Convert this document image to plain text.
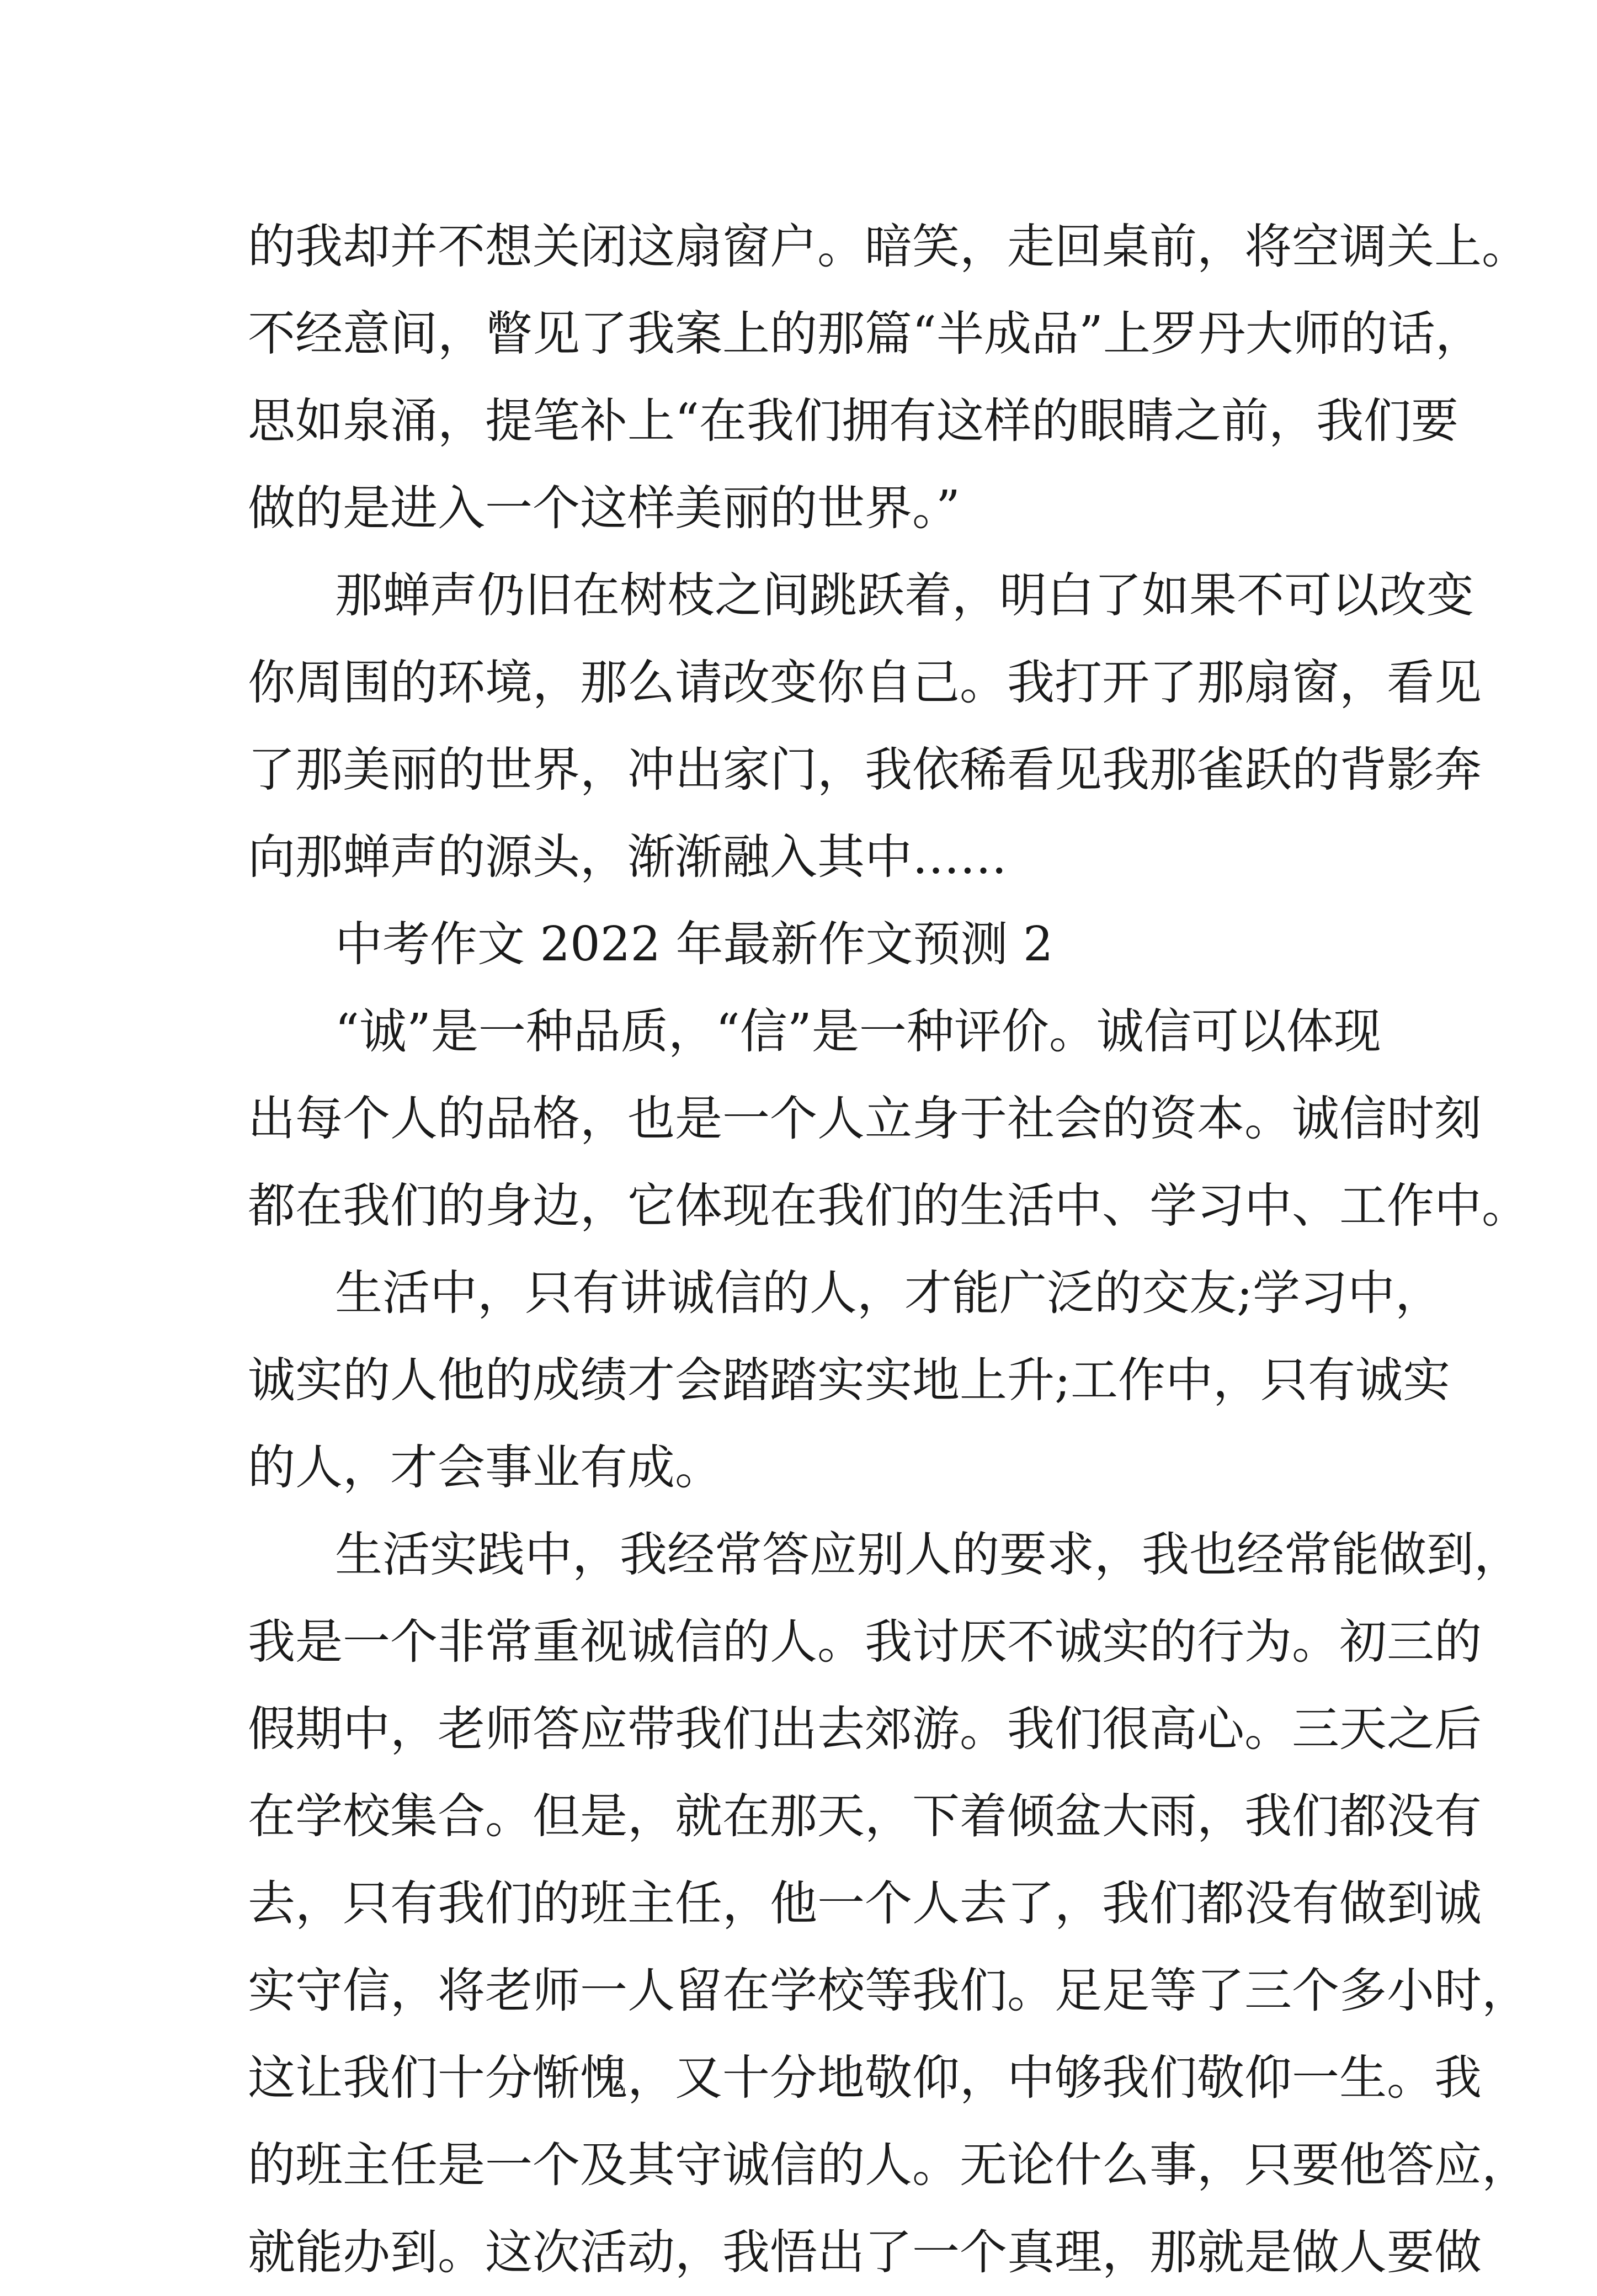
的我却并不想关闭这扇窗户。暗笑，走回桌前，将空调关上。
不经意间，瞥见了我案上的那篇“半成品”上罗丹大师的话，
思如泉涌，提笔补上“在我们拥有这样的眼睛之前，我们要
做的是进入一个这样美丽的世界。”
那蝉声仍旧在树枝之间跳跃着，明白了如果不可以改变
你周围的环境，那么请改变你自己。我打开了那扇窗，看见
了那美丽的世界，冲出家门，我依稀看见我那雀跃的背影奔
向那蝉声的源头，渐渐融入其中……
中考作文 2022 年最新作文预测 2
“诚”是一种品质，“信”是一种评价。诚信可以体现
出每个人的品格，也是一个人立身于社会的资本。诚信时刻
都在我们的身边，它体现在我们的生活中、学习中、工作中。
生活中，只有讲诚信的人，才能广泛的交友;学习中，
诚实的人他的成绩才会踏踏实实地上升;工作中，只有诚实
的人，才会事业有成。
生活实践中，我经常答应别人的要求，我也经常能做到，
我是一个非常重视诚信的人。我讨厌不诚实的行为。初三的
假期中，老师答应带我们出去郊游。我们很高心。三天之后
在学校集合。但是，就在那天，下着倾盆大雨，我们都没有
去，只有我们的班主任，他一个人去了，我们都没有做到诚
实守信，将老师一人留在学校等我们。足足等了三个多小时，
这让我们十分惭愧，又十分地敬仰，中够我们敬仰一生。我
的班主任是一个及其守诚信的人。无论什么事，只要他答应，
就能办到。这次活动，我悟出了一个真理，那就是做人要做
